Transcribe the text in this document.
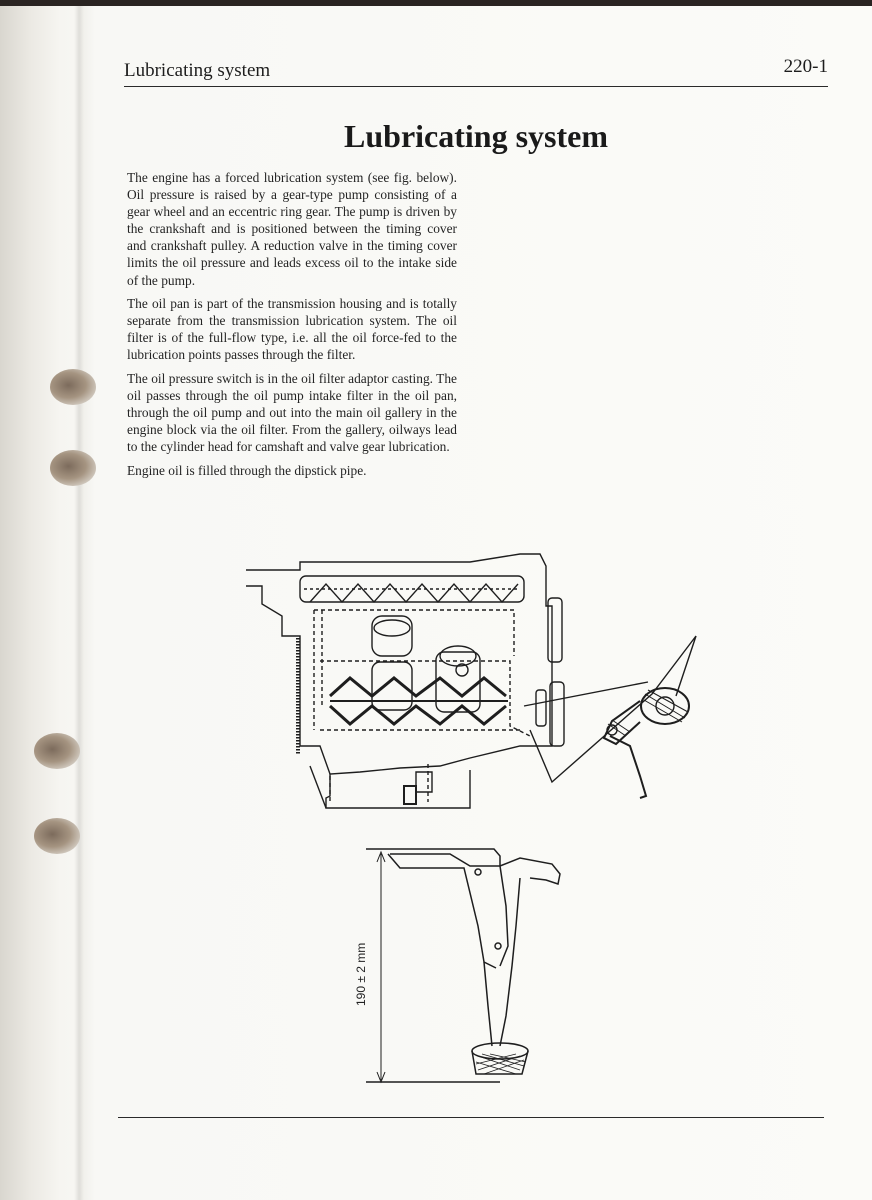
Lubricating system	220-1
Lubricating system

The engine has a forced lubrication system (see fig. below). Oil pressure is raised by a gear-type pump consisting of a gear wheel and an eccentric ring gear. The pump is driven by the crankshaft and is positioned between the timing cover and crankshaft pulley. A reduction valve in the timing cover limits the oil pressure and leads excess oil to the intake side of the pump.

The oil pan is part of the transmission housing and is totally separate from the transmission lubrication system. The oil filter is of the full-flow type, i.e. all the oil force-fed to the lubrication points passes through the filter.

The oil pressure switch is in the oil filter adaptor casting. The oil passes through the oil pump intake filter in the oil pan, through the oil pump and out into the main oil gallery in the engine block via the oil filter. From the gallery, oilways lead to the cylinder head for camshaft and valve gear lubrication.

Engine oil is filled through the dipstick pipe.

190 ± 2 mm
